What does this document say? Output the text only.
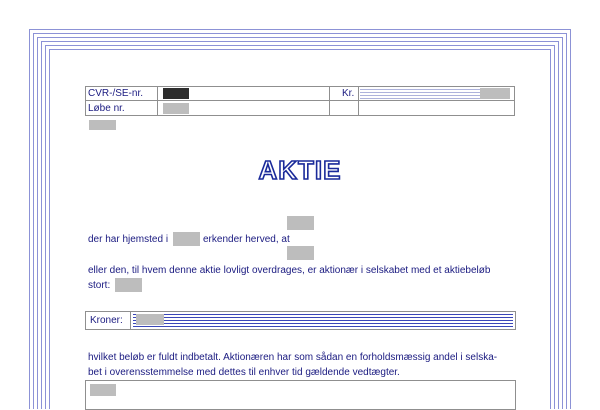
CVR-/SE-nr.	Kr.
Løbe nr.
AKTIE
der har hjemsted i	erkender herved, at
eller den, til hvem denne aktie lovligt overdrages, er aktionær i selskabet med et aktiebeløb
stort:
Kroner:
hvilket beløb er fuldt indbetalt. Aktionæren har som sådan en forholdsmæssig andel i selska-
bet i overensstemmelse med dettes til enhver tid gældende vedtægter.
